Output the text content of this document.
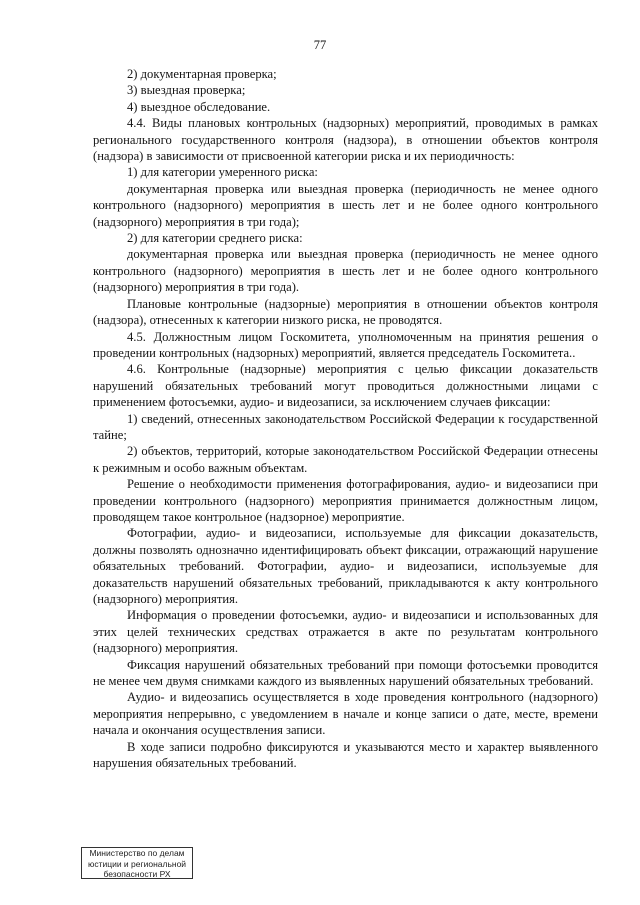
77

2) документарная проверка;

3) выездная проверка;

4) выездное обследование.

4.4. Виды плановых контрольных (надзорных) мероприятий, проводимых в рамках регионального государственного контроля (надзора), в отношении объектов контроля (надзора) в зависимости от присвоенной категории риска и их периодичность:

1) для категории умеренного риска:

документарная проверка или выездная проверка (периодичность не менее одного контрольного (надзорного) мероприятия в шесть лет и не более одного контрольного (надзорного) мероприятия в три года);

2) для категории среднего риска:

документарная проверка или выездная проверка (периодичность не менее одного контрольного (надзорного) мероприятия в шесть лет и не более одного контрольного (надзорного) мероприятия в три года).

Плановые контрольные (надзорные) мероприятия в отношении объектов контроля (надзора), отнесенных к категории низкого риска, не проводятся.

4.5. Должностным лицом Госкомитета, уполномоченным на принятия решения о проведении контрольных (надзорных) мероприятий, является председатель Госкомитета..

4.6. Контрольные (надзорные) мероприятия с целью фиксации доказательств нарушений обязательных требований могут проводиться должностными лицами с применением фотосъемки, аудио- и видеозаписи, за исключением случаев фиксации:

1) сведений, отнесенных законодательством Российской Федерации к государственной тайне;

2) объектов, территорий, которые законодательством Российской Федерации отнесены к режимным и особо важным объектам.

Решение о необходимости применения фотографирования, аудио- и видеозаписи при проведении контрольного (надзорного) мероприятия принимается должностным лицом, проводящем такое контрольное (надзорное) мероприятие.

Фотографии, аудио- и видеозаписи, используемые для фиксации доказательств, должны позволять однозначно идентифицировать объект фиксации, отражающий нарушение обязательных требований. Фотографии, аудио- и видеозаписи, используемые для доказательств нарушений обязательных требований, прикладываются к акту контрольного (надзорного) мероприятия.

Информация о проведении фотосъемки, аудио- и видеозаписи и использованных для этих целей технических средствах отражается в акте по результатам контрольного (надзорного) мероприятия.

Фиксация нарушений обязательных требований при помощи фотосъемки проводится не менее чем двумя снимками каждого из выявленных нарушений обязательных требований.

Аудио- и видеозапись осуществляется в ходе проведения контрольного (надзорного) мероприятия непрерывно, с уведомлением в начале и конце записи о дате, месте, времени начала и окончания осуществления записи.

В ходе записи подробно фиксируются и указываются место и характер выявленного нарушения обязательных требований.

Министерство по делам
юстиции и региональной
безопасности РХ
